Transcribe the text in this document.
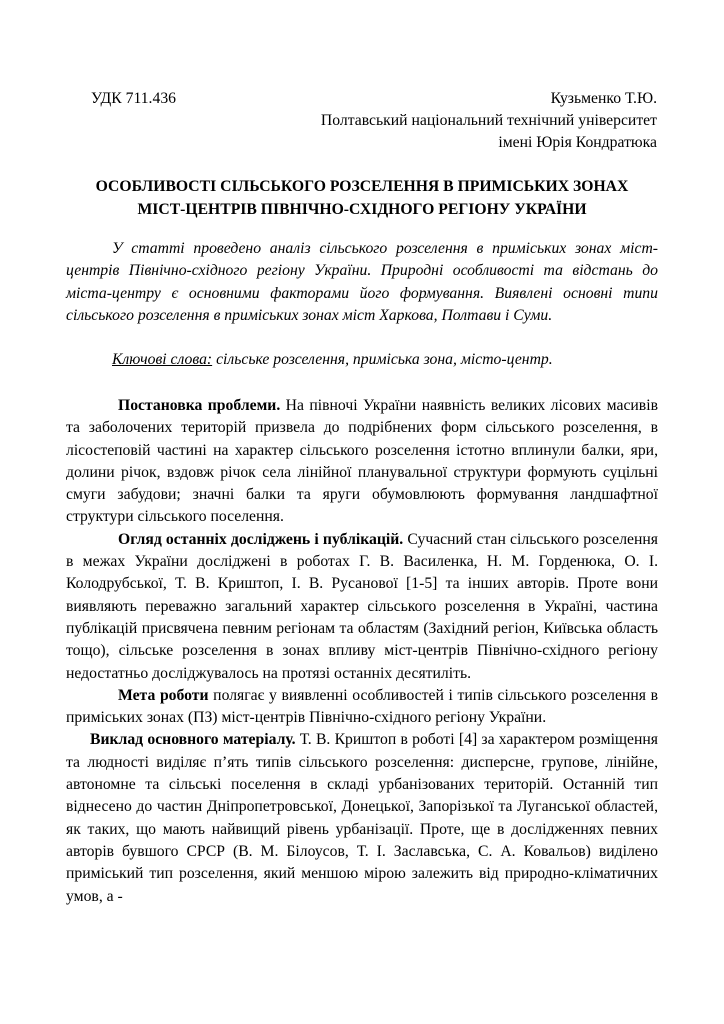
УДК 711.436	Кузьменко Т.Ю.
Полтавський національний технічний університет
імені Юрія Кондратюка
ОСОБЛИВОСТІ СІЛЬСЬКОГО РОЗСЕЛЕННЯ В ПРИМІСЬКИХ ЗОНАХ
МІСТ-ЦЕНТРІВ ПІВНІЧНО-СХІДНОГО РЕГІОНУ УКРАЇНИ

У статті проведено аналіз сільського розселення в приміських зонах міст-центрів Північно-східного регіону України. Природні особливості та відстань до міста-центру є основними факторами його формування. Виявлені основні типи сільського розселення в приміських зонах міст Харкова, Полтави і Суми.

Ключові слова: сільське розселення, приміська зона, місто-центр.

Постановка проблеми. На півночі України наявність великих лісових масивів та заболочених територій призвела до подрібнених форм сільського розселення, в лісостеповій частині на характер сільського розселення істотно вплинули балки, яри, долини річок, вздовж річок села лінійної планувальної структури формують суцільні смуги забудови; значні балки та яруги обумовлюють формування ландшафтної структури сільського поселення.

Огляд останніх досліджень і публікацій. Сучасний стан сільського розселення в межах України досліджені в роботах Г. В. Василенка, Н. М. Горденюка, О. І. Колодрубської, Т. В. Криштоп, І. В. Русанової [1-5] та інших авторів. Проте вони виявляють переважно загальний характер сільського розселення в Україні, частина публікацій присвячена певним регіонам та областям (Західний регіон, Київська область тощо), сільське розселення в зонах впливу міст-центрів Північно-східного регіону недостатньо досліджувалось на протязі останніх десятиліть.

Мета роботи полягає у виявленні особливостей і типів сільського розселення в приміських зонах (ПЗ) міст-центрів Північно-східного регіону України.

Виклад основного матеріалу. Т. В. Криштоп в роботі [4] за характером розміщення та людності виділяє п’ять типів сільського розселення: дисперсне, групове, лінійне, автономне та сільські поселення в складі урбанізованих територій. Останній тип віднесено до частин Дніпропетровської, Донецької, Запорізької та Луганської областей, як таких, що мають найвищий рівень урбанізації. Проте, ще в дослідженнях певних авторів бувшого СРСР (В. М. Білоусов, Т. І. Заславська, С. А. Ковальов) виділено приміський тип розселення, який меншою мірою залежить від природно-кліматичних умов, а -
